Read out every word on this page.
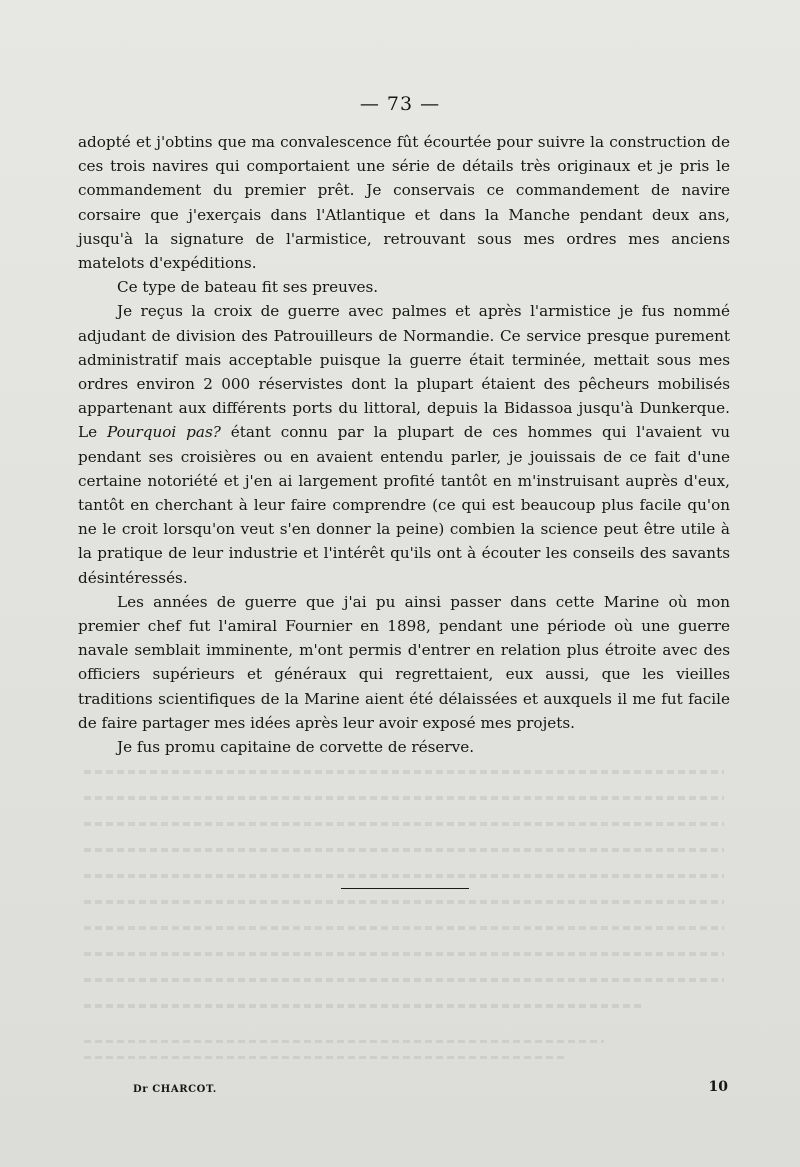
— 73 —

adopté et j'obtins que ma convalescence fût écourtée pour suivre la construction de ces trois navires qui comportaient une série de détails très originaux et je pris le commandement du premier prêt. Je conservais ce commandement de navire corsaire que j'exerçais dans l'Atlantique et dans la Manche pendant deux ans, jusqu'à la signature de l'armistice, retrouvant sous mes ordres mes anciens matelots d'expéditions.

Ce type de bateau fit ses preuves.

Je reçus la croix de guerre avec palmes et après l'armistice je fus nommé adjudant de division des Patrouilleurs de Normandie. Ce service presque purement administratif mais acceptable puisque la guerre était terminée, mettait sous mes ordres environ 2 000 réservistes dont la plupart étaient des pêcheurs mobilisés appartenant aux différents ports du littoral, depuis la Bidassoa jusqu'à Dunkerque. Le Pourquoi pas? étant connu par la plupart de ces hommes qui l'avaient vu pendant ses croisières ou en avaient entendu parler, je jouissais de ce fait d'une certaine notoriété et j'en ai largement profité tantôt en m'instruisant auprès d'eux, tantôt en cherchant à leur faire comprendre (ce qui est beaucoup plus facile qu'on ne le croit lorsqu'on veut s'en donner la peine) combien la science peut être utile à la pratique de leur industrie et l'intérêt qu'ils ont à écouter les conseils des savants désintéressés.

Les années de guerre que j'ai pu ainsi passer dans cette Marine où mon premier chef fut l'amiral Fournier en 1898, pendant une période où une guerre navale semblait imminente, m'ont permis d'entrer en relation plus étroite avec des officiers supérieurs et généraux qui regrettaient, eux aussi, que les vieilles traditions scientifiques de la Marine aient été délaissées et auxquels il me fut facile de faire partager mes idées après leur avoir exposé mes projets.

Je fus promu capitaine de corvette de réserve.

Dr CHARCOT.	10
